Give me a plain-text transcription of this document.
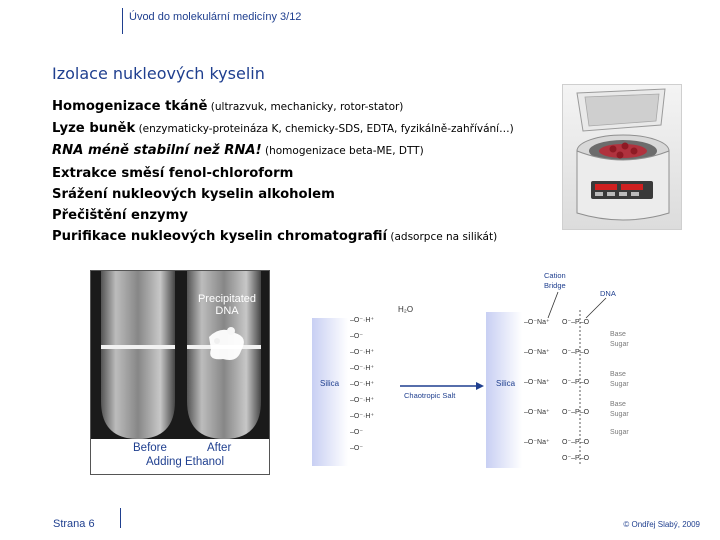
Úvod do molekulární medicíny 3/12
Izolace nukleových kyselin
Homogenizace tkáně (ultrazvuk, mechanicky, rotor-stator)
Lyze buněk (enzymaticky-proteináza K, chemicky-SDS, EDTA, fyzikálně-zahřívání…)
RNA méně stabilní než RNA! (homogenizace beta-ME, DTT)
Extrakce směsí fenol-chloroform
Srážení nukleových kyselin alkoholem
Přečištění enzymy
Purifikace nukleových kyselin chromatografií (adsorpce na silikát)
Precipitated
DNA
Before	After
Adding Ethanol
Silica
–O⁻·H⁺
–O⁻
–O⁻·H⁺
–O⁻·H⁺
–O⁻·H⁺
–O⁻·H⁺
–O⁻·H⁺
–O⁻
–O⁻
H₂O
Chaotropic Salt
Silica
–O⁻Na⁺
–O⁻Na⁺
–O⁻Na⁺
–O⁻Na⁺
–O⁻Na⁺
O⁻–P–O
O⁻–P–O
O⁻–P–O
O⁻–P–O
O⁻–P–O
O⁻–P–O
Base
Sugar
Base
Sugar
Base
Sugar
Sugar
Cation
Bridge
DNA
Strana 6	© Ondřej Slabý, 2009
